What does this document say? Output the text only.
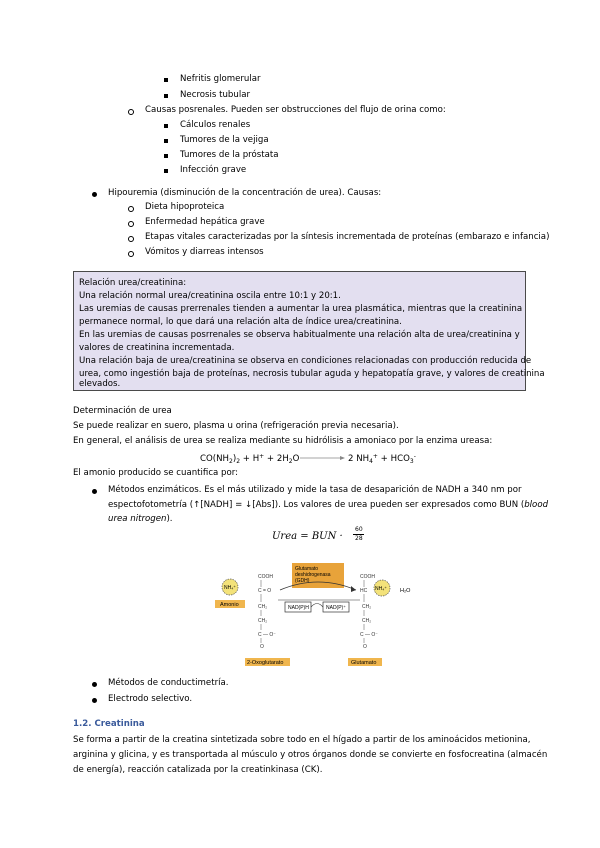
Nefritis glomerular
Necrosis tubular
Causas posrenales. Pueden ser obstrucciones del flujo de orina como:
Cálculos renales
Tumores de la vejiga
Tumores de la próstata
Infección grave
Hipouremia (disminución de la concentración de urea). Causas:
Dieta hipoproteica
Enfermedad hepática grave
Etapas vitales caracterizadas por la síntesis incrementada de proteínas (embarazo e infancia)
Vómitos y diarreas intensos
Relación urea/creatinina:
Una relación normal urea/creatinina oscila entre 10:1 y 20:1.
Las uremias de causas prerrenales tienden a aumentar la urea plasmática, mientras que la creatinina
permanece normal, lo que dará una relación alta de índice urea/creatinina.
En las uremias de causas posrrenales se observa habitualmente una relación alta de urea/creatinina y
valores de creatinina incrementada.
Una relación baja de urea/creatinina se observa en condiciones relacionadas con producción reducida de
urea, como ingestión baja de proteínas, necrosis tubular aguda y hepatopatía grave, y valores de creatinina
elevados.
Determinación de urea
Se puede realizar en suero, plasma u orina (refrigeración previa necesaria).
En general, el análisis de urea se realiza mediante su hidrólisis a amoniaco por la enzima ureasa:
$CO(NH_2)_2 + H^+ + 2H_2O \to 2$ $NH_4^+ + HCO_3^-$
El amonio producido se cuantifica por:
Métodos enzimáticos. Es el más utilizado y mide la tasa de desaparición de NADH a 340 nm por
espectofotometría (↑[NADH] = ↓[Abs]). Los valores de urea pueden ser expresados como BUN (blood
urea nitrogen).
Urea = BUN ·
60
28
Glutamato deshidrogenasa (GDH)
NH₄⁺
Amonio
COOH
C = O
CH₂
CH₂
C — O⁻
O
2-Oxoglutarato
NAD(P)H	NAD(P)⁺
COOH
HC
CH₂
CH₂
C — O⁻
O
NH₄⁺ H₂O
Glutamato
Métodos de conductimetría.
Electrodo selectivo.
1.2. Creatinina
Se forma a partir de la creatina sintetizada sobre todo en el hígado a partir de los aminoácidos metionina,
arginina y glicina, y es transportada al músculo y otros órganos donde se convierte en fosfocreatina (almacén
de energía), reacción catalizada por la creatinkinasa (CK).
